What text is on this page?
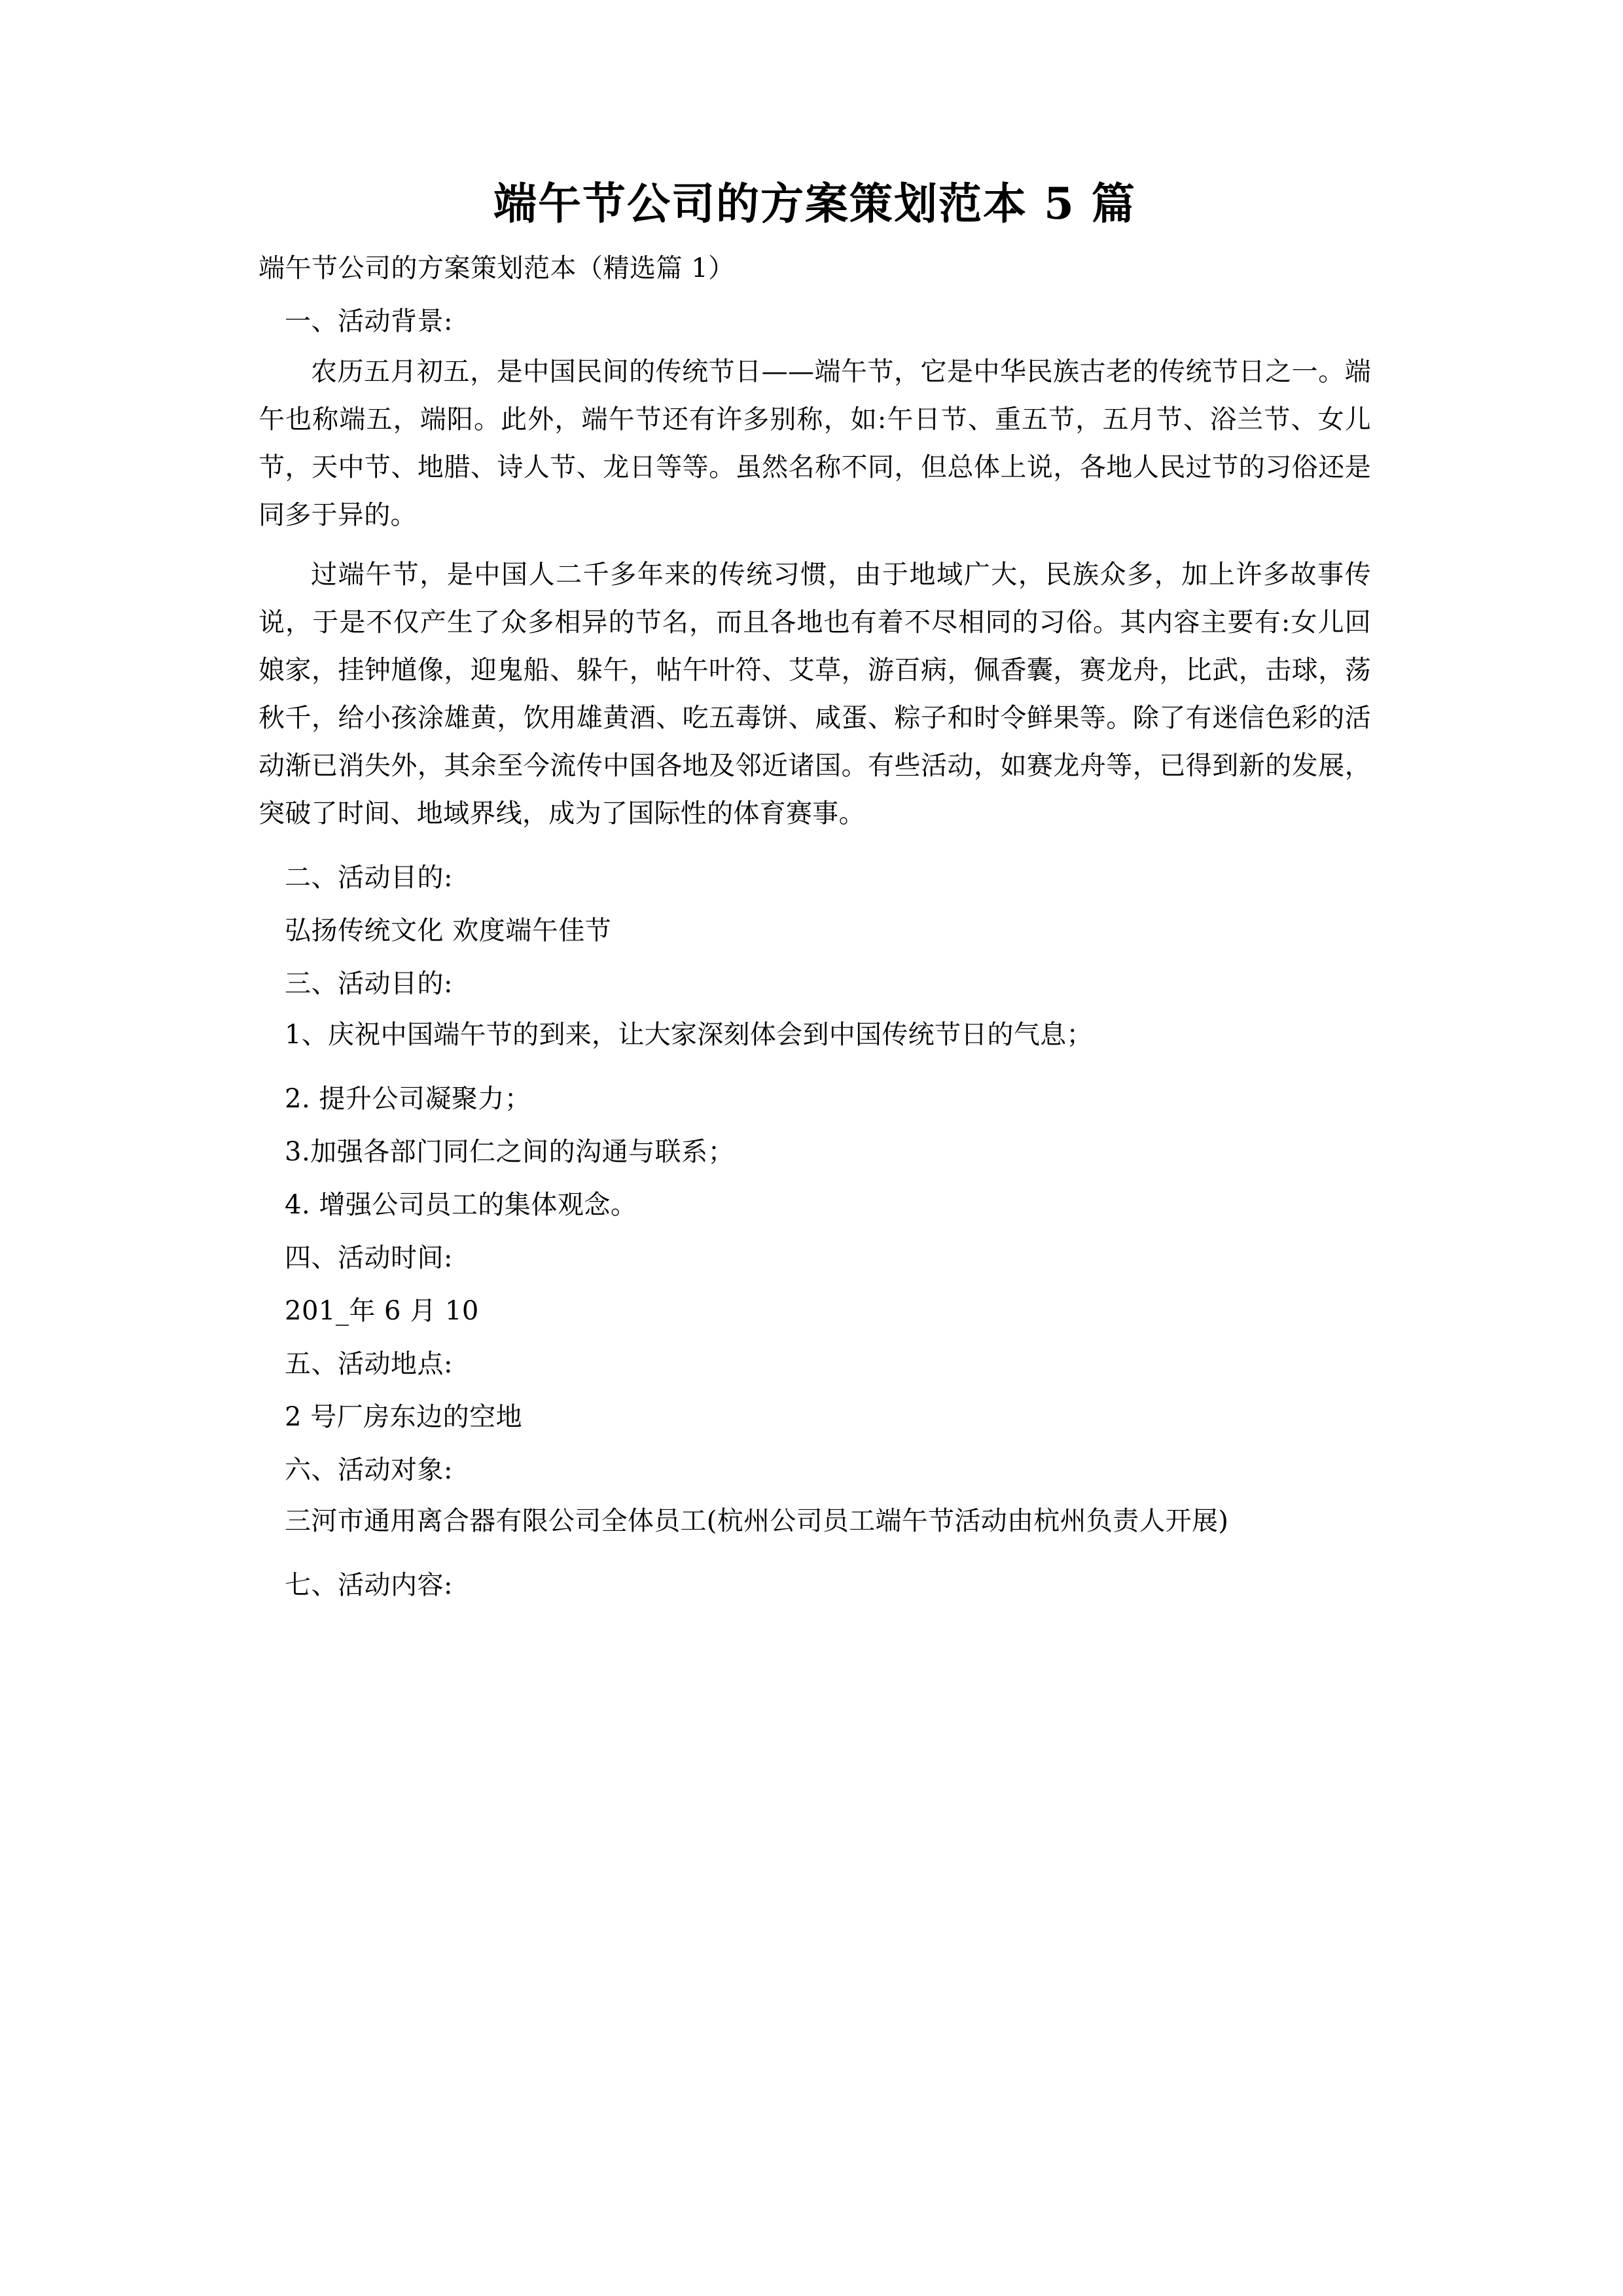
端午节公司的方案策划范本 5 篇

端午节公司的方案策划范本（精选篇 1）

一、活动背景:

农历五月初五，是中国民间的传统节日——端午节，它是中华民族古老的传统节日之一。端午也称端五，端阳。此外，端午节还有许多别称，如:午日节、重五节，五月节、浴兰节、女儿节，天中节、地腊、诗人节、龙日等等。虽然名称不同，但总体上说，各地人民过节的习俗还是同多于异的。

过端午节，是中国人二千多年来的传统习惯，由于地域广大，民族众多，加上许多故事传说，于是不仅产生了众多相异的节名，而且各地也有着不尽相同的习俗。其内容主要有:女儿回娘家，挂钟馗像，迎鬼船、躲午，帖午叶符、艾草，游百病，佩香囊，赛龙舟，比武，击球，荡秋千，给小孩涂雄黄，饮用雄黄酒、吃五毒饼、咸蛋、粽子和时令鲜果等。除了有迷信色彩的活动渐已消失外，其余至今流传中国各地及邻近诸国。有些活动，如赛龙舟等，已得到新的发展，突破了时间、地域界线，成为了国际性的体育赛事。

二、活动目的:

弘扬传统文化 欢度端午佳节

三、活动目的:

1、庆祝中国端午节的到来，让大家深刻体会到中国传统节日的气息；

2. 提升公司凝聚力；

3.加强各部门同仁之间的沟通与联系；

4. 增强公司员工的集体观念。

四、活动时间:

201_年 6 月 10

五、活动地点:

2 号厂房东边的空地

六、活动对象:

三河市通用离合器有限公司全体员工(杭州公司员工端午节活动由杭州负责人开展)

七、活动内容:
